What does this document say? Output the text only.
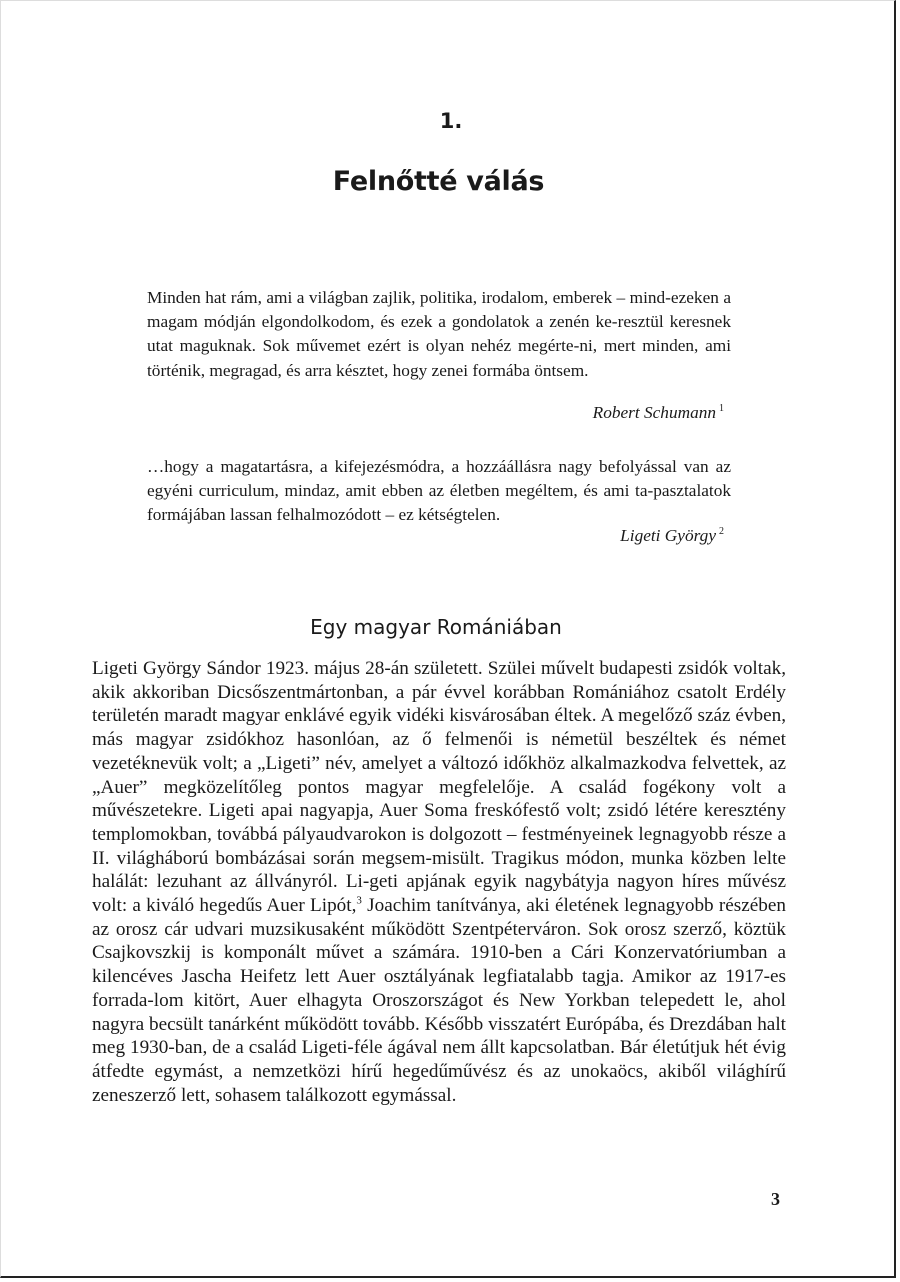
1.
Felnőtté válás
Minden hat rám, ami a világban zajlik, politika, irodalom, emberek – mind-ezeken a magam módján elgondolkodom, és ezek a gondolatok a zenén ke-resztül keresnek utat maguknak. Sok művemet ezért is olyan nehéz megérte-ni, mert minden, ami történik, megragad, és arra késztet, hogy zenei formába öntsem.
Robert Schumann $^1$
…hogy a magatartásra, a kifejezésmódra, a hozzáállásra nagy befolyással van az egyéni curriculum, mindaz, amit ebben az életben megéltem, és ami ta-pasztalatok formájában lassan felhalmozódott – ez kétségtelen.
Ligeti György $^2$
Egy magyar Romániában
Ligeti György Sándor 1923. május 28-án született. Szülei művelt budapesti zsidók voltak, akik akkoriban Dicsőszentmártonban, a pár évvel korábban Romániához csatolt Erdély területén maradt magyar enklávé egyik vidéki kisvárosában éltek. A megelőző száz évben, más magyar zsidókhoz hasonlóan, az ő felmenői is németül beszéltek és német vezetéknevük volt; a „Ligeti” név, amelyet a változó időkhöz alkalmazkodva felvettek, az „Auer” megközelítőleg pontos magyar megfelelője. A család fogékony volt a művészetekre. Ligeti apai nagyapja, Auer Soma freskófestő volt; zsidó létére keresztény templomokban, továbbá pályaudvarokon is dolgozott – festményeinek legnagyobb része a II. világháború bombázásai során megsem-misült. Tragikus módon, munka közben lelte halálát: lezuhant az állványról. Li-geti apjának egyik nagybátyja nagyon híres művész volt: a kiváló hegedűs Auer Lipót,$^3$ Joachim tanítványa, aki életének legnagyobb részében az orosz cár udvari muzsikusaként működött Szentpéterváron. Sok orosz szerző, köztük Csajkovszkij is komponált művet a számára. 1910-ben a Cári Konzervatóriumban a kilencéves Jascha Heifetz lett Auer osztályának legfiatalabb tagja. Amikor az 1917-es forrada-lom kitört, Auer elhagyta Oroszországot és New Yorkban telepedett le, ahol nagyra becsült tanárként működött tovább. Később visszatért Európába, és Drezdában halt meg 1930-ban, de a család Ligeti-féle ágával nem állt kapcsolatban. Bár életútjuk hét évig átfedte egymást, a nemzetközi hírű hegedűművész és az unokaöcs, akiből világhírű zeneszerző lett, sohasem találkozott egymással.
3
